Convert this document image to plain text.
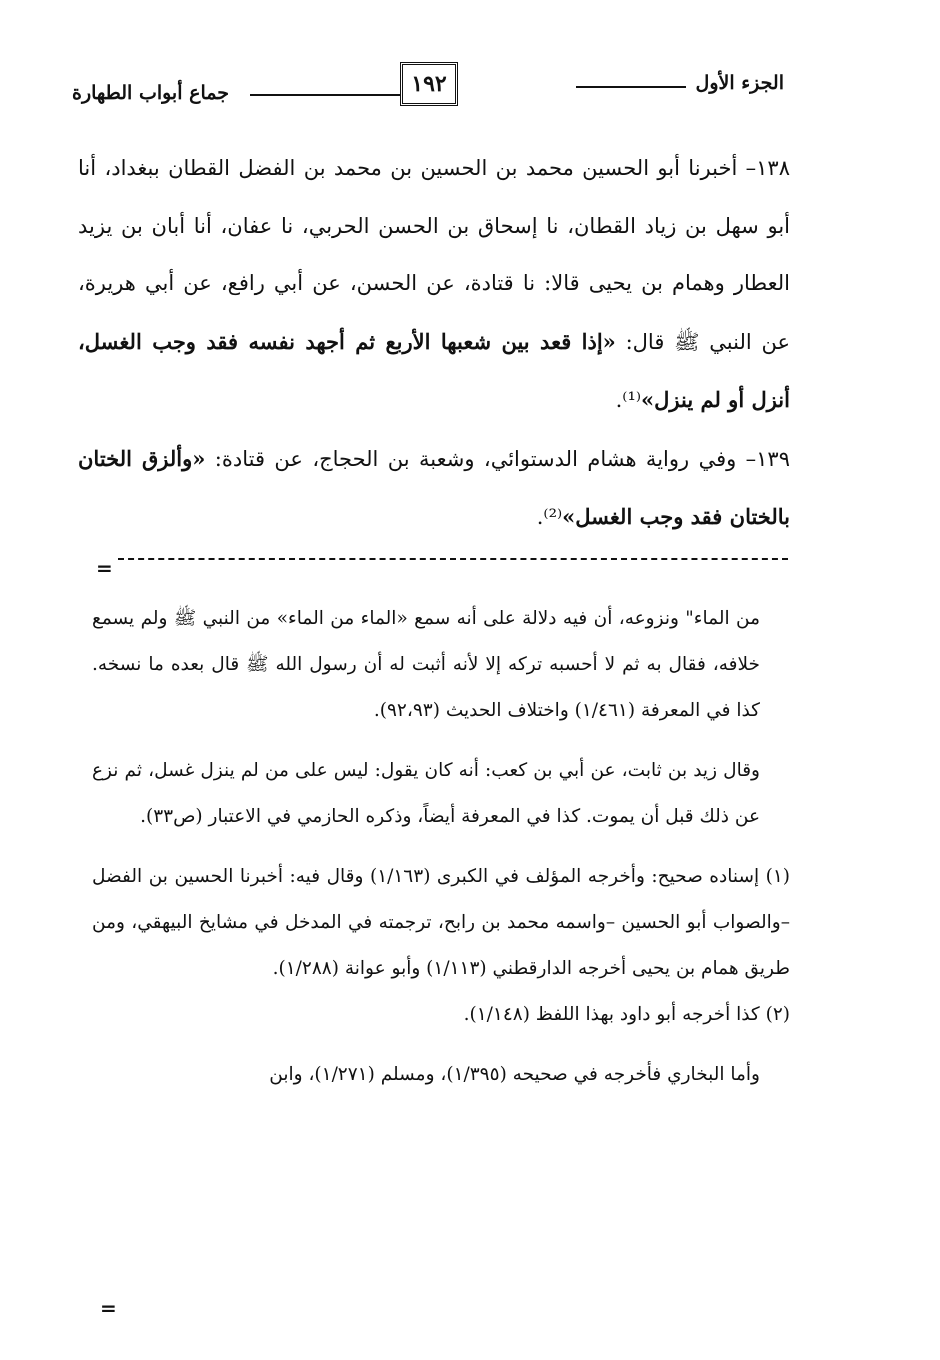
الجزء الأول
١٩٢
جماع أبواب الطهارة

١٣٨– أخبرنا أبو الحسين محمد بن الحسين بن محمد بن الفضل القطان ببغداد، أنا أبو سهل بن زياد القطان، نا إسحاق بن الحسن الحربي، نا عفان، أنا أبان بن يزيد العطار وهمام بن يحيى قالا: نا قتادة، عن الحسن، عن أبي رافع، عن أبي هريرة، عن النبي ﷺ قال: «إذا قعد بين شعبها الأربع ثم أجهد نفسه فقد وجب الغسل، أنزل أو لم ينزل»⁽¹⁾.

١٣٩– وفي رواية هشام الدستوائي، وشعبة بن الحجاج، عن قتادة: «وألزق الختان بالختان فقد وجب الغسل»⁽²⁾.

=

من الماء" ونزوعه، أن فيه دلالة على أنه سمع «الماء من الماء» من النبي ﷺ ولم يسمع خلافه، فقال به ثم لا أحسبه تركه إلا لأنه أثبت له أن رسول الله ﷺ قال بعده ما نسخه. كذا في المعرفة (١/٤٦١) واختلاف الحديث (٩٢،٩٣).

وقال زيد بن ثابت، عن أبي بن كعب: أنه كان يقول: ليس على من لم ينزل غسل، ثم نزع عن ذلك قبل أن يموت. كذا في المعرفة أيضاً، وذكره الحازمي في الاعتبار (ص٣٣).

(١) إسناده صحيح: وأخرجه المؤلف في الكبرى (١/١٦٣) وقال فيه: أخبرنا الحسين بن الفضل –والصواب أبو الحسين –واسمه محمد بن رابح، ترجمته في المدخل في مشايخ البيهقي، ومن طريق همام بن يحيى أخرجه الدارقطني (١/١١٣) وأبو عوانة (١/٢٨٨).

(٢) كذا أخرجه أبو داود بهذا اللفظ (١/١٤٨).

وأما البخاري فأخرجه في صحيحه (١/٣٩٥)، ومسلم (١/٢٧١)، وابن

=
